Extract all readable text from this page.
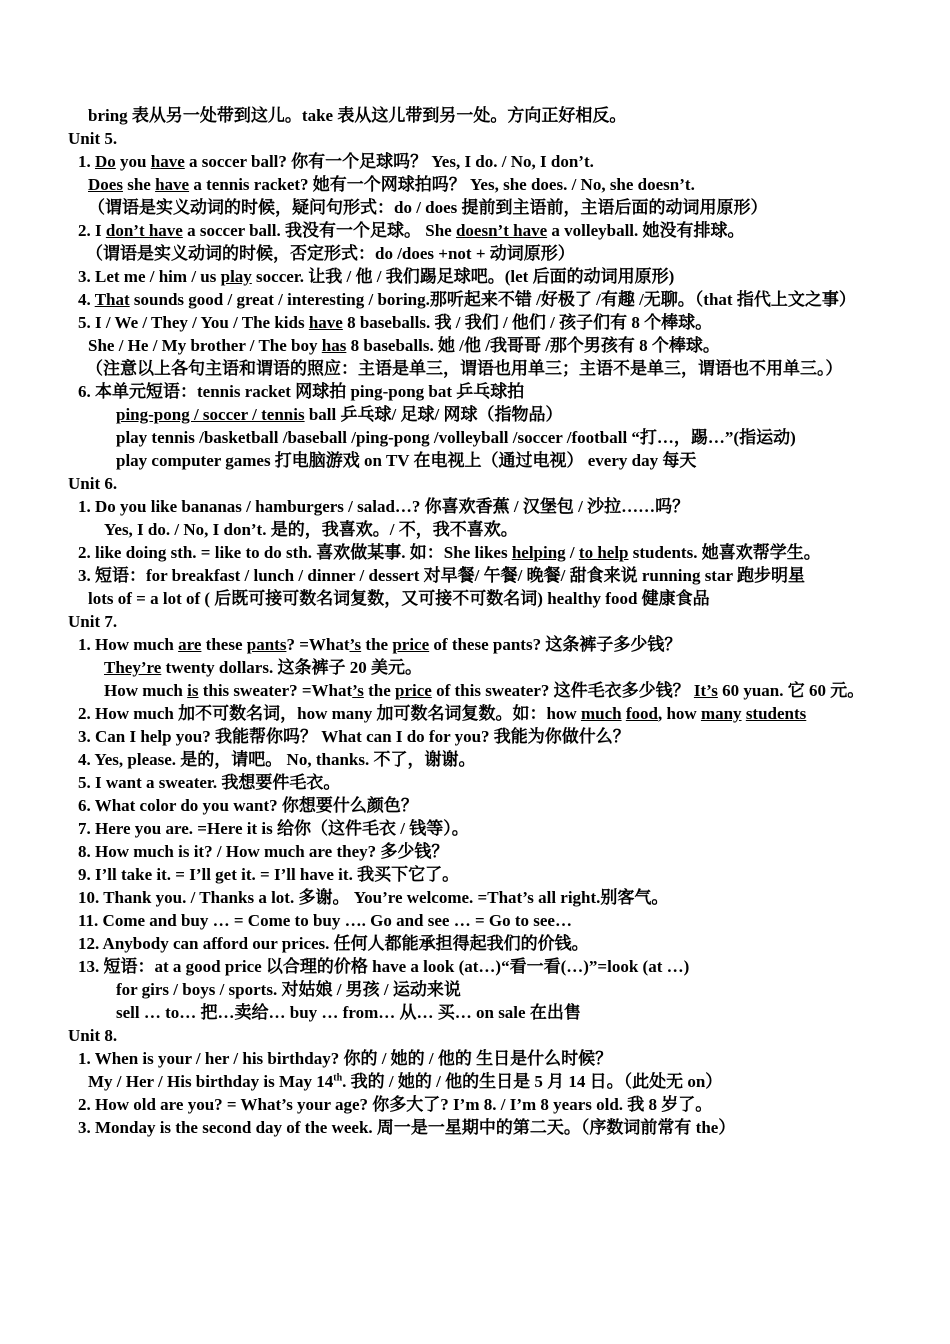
bring 表从另一处带到这儿。take 表从这儿带到另一处。方向正好相反。
Unit 5.
1. Do you have a soccer ball? 你有一个足球吗？ Yes, I do. / No, I don’t.
Does she have a tennis racket? 她有一个网球拍吗？ Yes, she does. / No, she doesn’t.
（谓语是实义动词的时候，疑问句形式：do / does 提前到主语前，主语后面的动词用原形）
2. I don’t have a soccer ball. 我没有一个足球。 She doesn’t have a volleyball. 她没有排球。
（谓语是实义动词的时候，否定形式：do /does +not + 动词原形）
3. Let me / him / us play soccer. 让我 / 他 / 我们踢足球吧。(let 后面的动词用原形)
4. That sounds good / great / interesting / boring.那听起来不错 /好极了 /有趣 /无聊。（that 指代上文之事）
5. I / We / They / You / The kids have 8 baseballs. 我 / 我们 / 他们 / 孩子们有 8 个棒球。
She / He / My brother / The boy has 8 baseballs. 她 /他 /我哥哥 /那个男孩有 8 个棒球。
（注意以上各句主语和谓语的照应：主语是单三，谓语也用单三；主语不是单三，谓语也不用单三。）
6. 本单元短语：tennis racket 网球拍 ping-pong bat 乒乓球拍
ping-pong / soccer / tennis ball 乒乓球/ 足球/ 网球（指物品）
play tennis /basketball /baseball /ping-pong /volleyball /soccer /football “打…，踢…”(指运动)
play computer games 打电脑游戏 on TV 在电视上（通过电视） every day 每天
Unit 6.
1. Do you like bananas / hamburgers / salad…? 你喜欢香蕉 / 汉堡包 / 沙拉……吗？
Yes, I do. / No, I don’t. 是的，我喜欢。/ 不，我不喜欢。
2. like doing sth. = like to do sth. 喜欢做某事. 如：She likes helping / to help students. 她喜欢帮学生。
3. 短语：for breakfast / lunch / dinner / dessert 对早餐/ 午餐/ 晚餐/ 甜食来说 running star 跑步明星
lots of = a lot of ( 后既可接可数名词复数，又可接不可数名词) healthy food 健康食品
Unit 7.
1. How much are these pants? =What’s the price of these pants? 这条裤子多少钱？
They’re twenty dollars. 这条裤子 20 美元。
How much is this sweater? =What’s the price of this sweater? 这件毛衣多少钱？ It’s 60 yuan. 它 60 元。
2. How much 加不可数名词，how many 加可数名词复数。如：how much food, how many students
3. Can I help you? 我能帮你吗？ What can I do for you? 我能为你做什么？
4. Yes, please. 是的，请吧。 No, thanks. 不了，谢谢。
5. I want a sweater. 我想要件毛衣。
6. What color do you want? 你想要什么颜色？
7. Here you are. =Here it is 给你（这件毛衣 / 钱等）。
8. How much is it? / How much are they? 多少钱？
9. I’ll take it. = I’ll get it. = I’ll have it. 我买下它了。
10. Thank you. / Thanks a lot. 多谢。 You’re welcome. =That’s all right.别客气。
11. Come and buy … = Come to buy …. Go and see … = Go to see…
12. Anybody can afford our prices. 任何人都能承担得起我们的价钱。
13. 短语：at a good price 以合理的价格 have a look (at…)“看一看(…)”=look (at …)
for girs / boys / sports. 对姑娘 / 男孩 / 运动来说
sell … to… 把…卖给… buy … from… 从… 买… on sale 在出售
Unit 8.
1. When is your / her / his birthday? 你的 / 她的 / 他的 生日是什么时候？
My / Her / His birthday is May 14th. 我的 / 她的 / 他的生日是 5 月 14 日。（此处无 on）
2. How old are you? = What’s your age? 你多大了? I’m 8. / I’m 8 years old. 我 8 岁了。
3. Monday is the second day of the week. 周一是一星期中的第二天。（序数词前常有 the）
